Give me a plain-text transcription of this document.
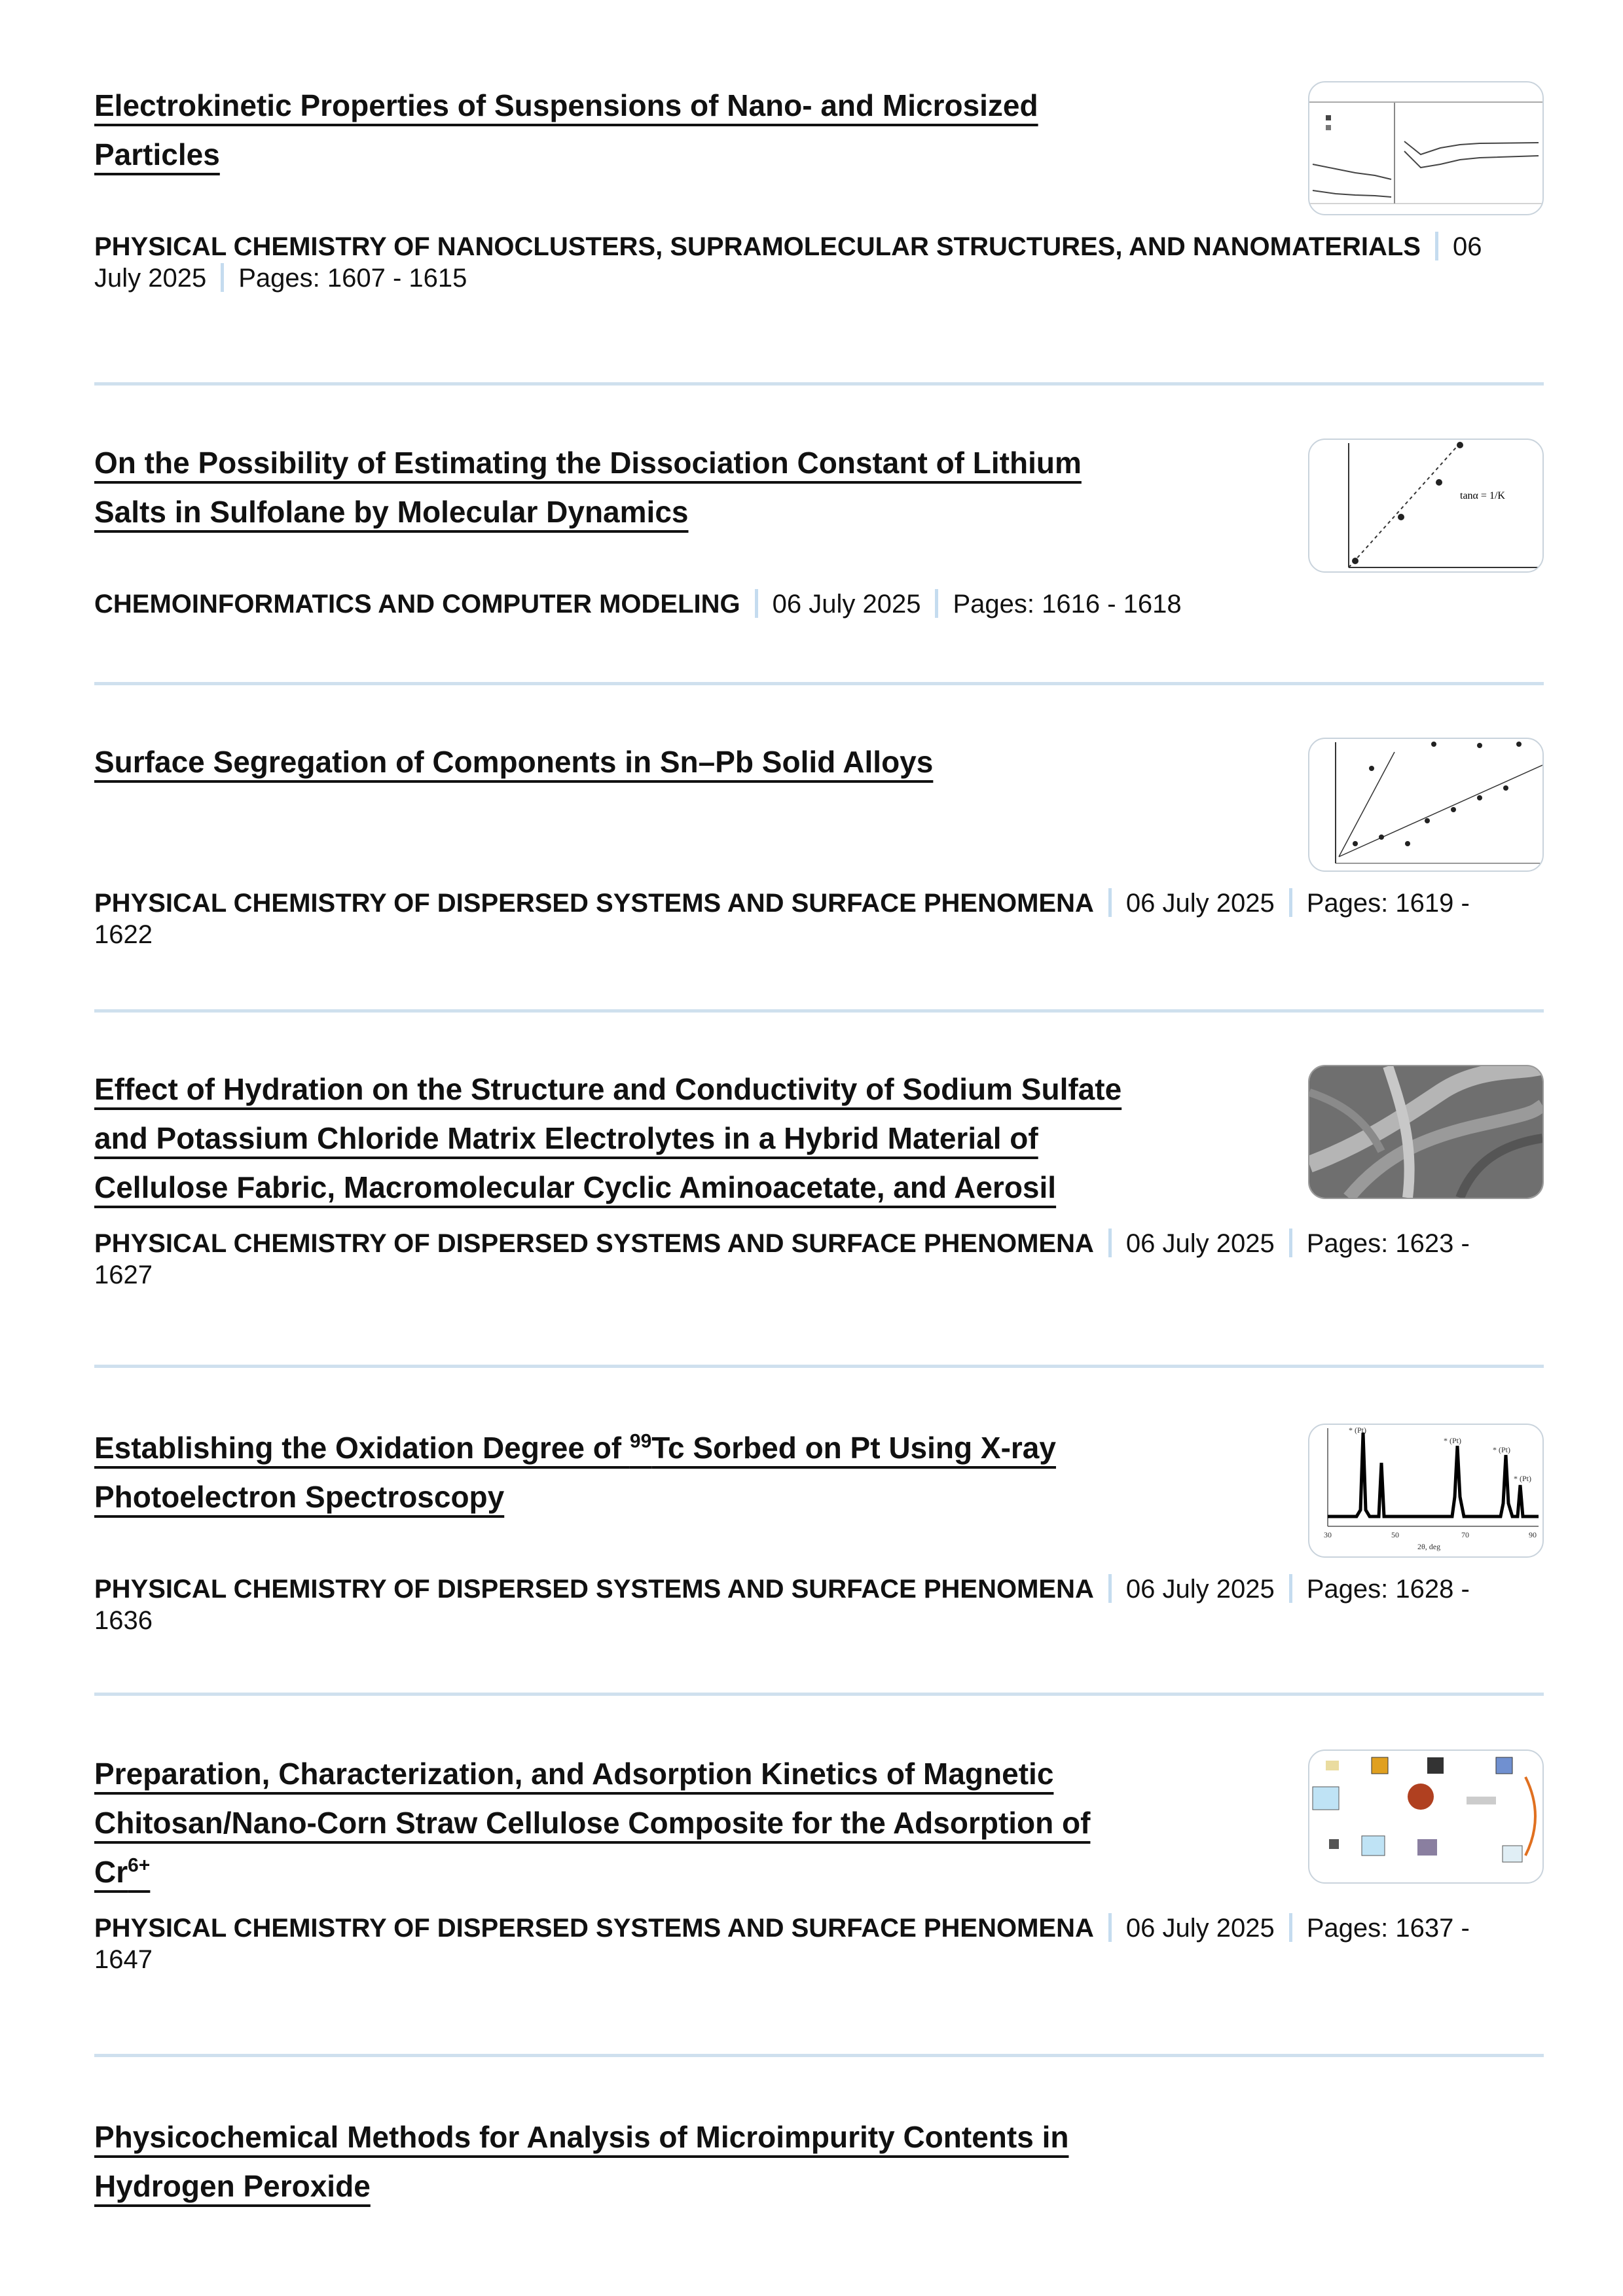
Electrokinetic Properties of Suspensions of Nano- and Microsized
Particles
PHYSICAL CHEMISTRY OF NANOCLUSTERS, SUPRAMOLECULAR STRUCTURES, AND NANOMATERIALS 06 July 2025 Pages: 1607 - 1615
On the Possibility of Estimating the Dissociation Constant of Lithium
Salts in Sulfolane by Molecular Dynamics	tanα = 1/K
CHEMOINFORMATICS AND COMPUTER MODELING 06 July 2025 Pages: 1616 - 1618
Surface Segregation of Components in Sn–Pb Solid Alloys
PHYSICAL CHEMISTRY OF DISPERSED SYSTEMS AND SURFACE PHENOMENA 06 July 2025 Pages: 1619 - 1622
Effect of Hydration on the Structure and Conductivity of Sodium Sulfate
and Potassium Chloride Matrix Electrolytes in a Hybrid Material of
Cellulose Fabric, Macromolecular Cyclic Aminoacetate, and Aerosil
PHYSICAL CHEMISTRY OF DISPERSED SYSTEMS AND SURFACE PHENOMENA 06 July 2025 Pages: 1623 - 1627
Establishing the Oxidation Degree of $^{99}$Tc Sorbed on Pt Using X-ray
Photoelectron Spectroscopy
* (Pt)
* (Pt)
* (Pt)
* (Pt)
30	50	70	90
2θ, deg
PHYSICAL CHEMISTRY OF DISPERSED SYSTEMS AND SURFACE PHENOMENA 06 July 2025 Pages: 1628 - 1636
Preparation, Characterization, and Adsorption Kinetics of Magnetic
Chitosan/Nano-Corn Straw Cellulose Composite for the Adsorption of
$Cr^{6+}$
PHYSICAL CHEMISTRY OF DISPERSED SYSTEMS AND SURFACE PHENOMENA 06 July 2025 Pages: 1637 - 1647
Physicochemical Methods for Analysis of Microimpurity Contents in
Hydrogen Peroxide
